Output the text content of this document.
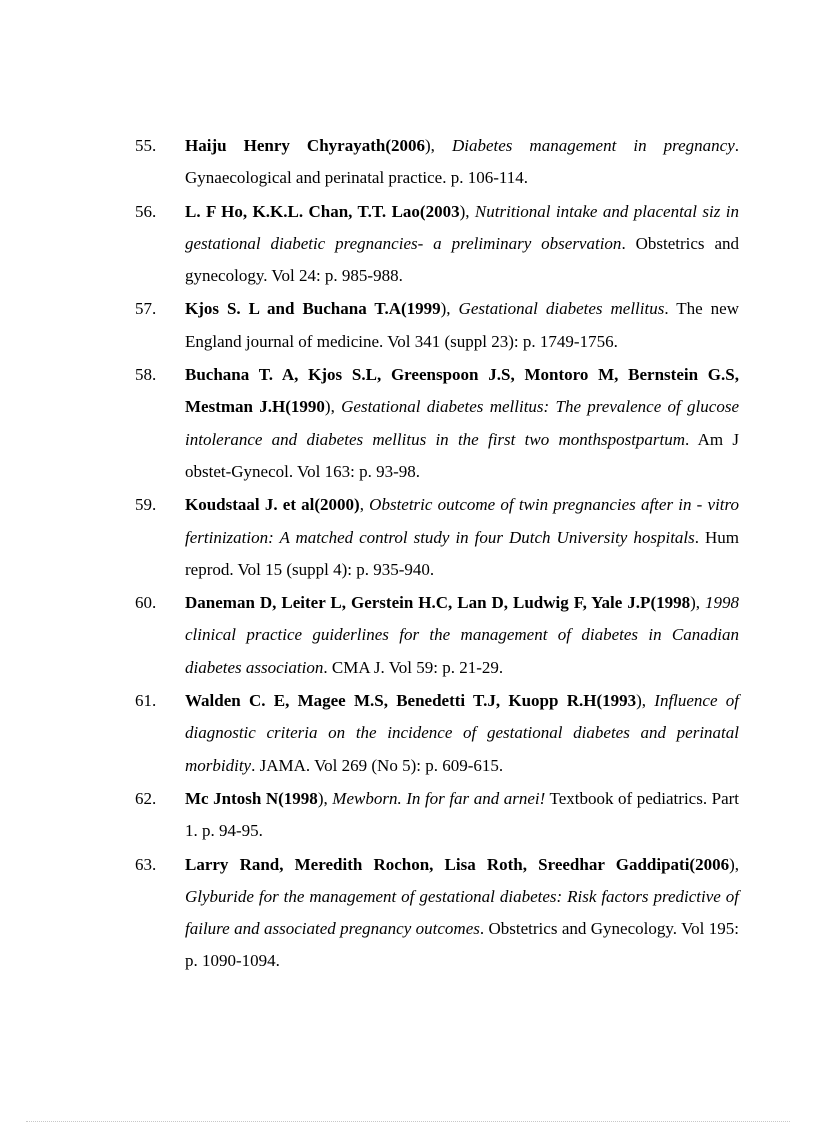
55.	Haiju Henry Chyrayath(2006), Diabetes management in pregnancy. Gynaecological and perinatal practice. p. 106-114.
56.	L. F Ho, K.K.L. Chan, T.T. Lao(2003), Nutritional intake and placental siz in gestational diabetic pregnancies- a preliminary observation. Obstetrics and gynecology. Vol 24: p. 985-988.
57.	Kjos S. L and Buchana T.A(1999), Gestational diabetes mellitus. The new England journal of medicine. Vol 341 (suppl 23): p. 1749-1756.
58.	Buchana T. A, Kjos S.L, Greenspoon J.S, Montoro M, Bernstein G.S, Mestman J.H(1990), Gestational diabetes mellitus: The prevalence of glucose intolerance and diabetes mellitus in the first two monthspostpartum. Am J obstet-Gynecol. Vol 163: p. 93-98.
59.	Koudstaal J. et al(2000), Obstetric outcome of twin pregnancies after in - vitro fertinization: A matched control study in four Dutch University hospitals. Hum reprod. Vol 15 (suppl 4): p. 935-940.
60.	Daneman D, Leiter L, Gerstein H.C, Lan D, Ludwig F, Yale J.P(1998), 1998 clinical practice guiderlines for the management of diabetes in Canadian diabetes association. CMA J. Vol 59: p. 21-29.
61.	Walden C. E, Magee M.S, Benedetti T.J, Kuopp R.H(1993), Influence of diagnostic criteria on the incidence of gestational diabetes and perinatal morbidity. JAMA. Vol 269 (No 5): p. 609-615.
62.	Mc Jntosh N(1998), Mewborn. In for far and arnei! Textbook of pediatrics. Part 1. p. 94-95.
63.	Larry Rand, Meredith Rochon, Lisa Roth, Sreedhar Gaddipati(2006), Glyburide for the management of gestational diabetes: Risk factors predictive of failure and associated pregnancy outcomes. Obstetrics and Gynecology. Vol 195: p. 1090-1094.
